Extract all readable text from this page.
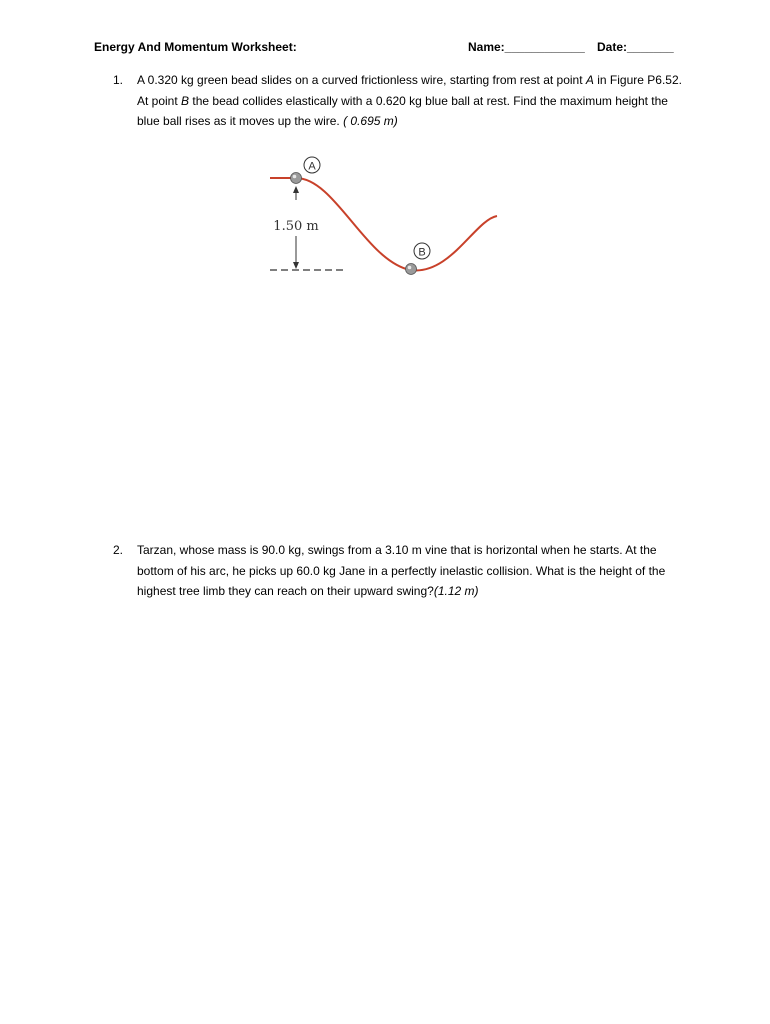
Energy And Momentum Worksheet:	Name:____________ Date:_______
1. A 0.320 kg green bead slides on a curved frictionless wire, starting from rest at point A in Figure P6.52. At point B the bead collides elastically with a 0.620 kg blue ball at rest. Find the maximum height the blue ball rises as it moves up the wire. ( 0.695 m)
1.50 m
A
B
2. Tarzan, whose mass is 90.0 kg, swings from a 3.10 m vine that is horizontal when he starts. At the bottom of his arc, he picks up 60.0 kg Jane in a perfectly inelastic collision. What is the height of the highest tree limb they can reach on their upward swing?(1.12 m)
